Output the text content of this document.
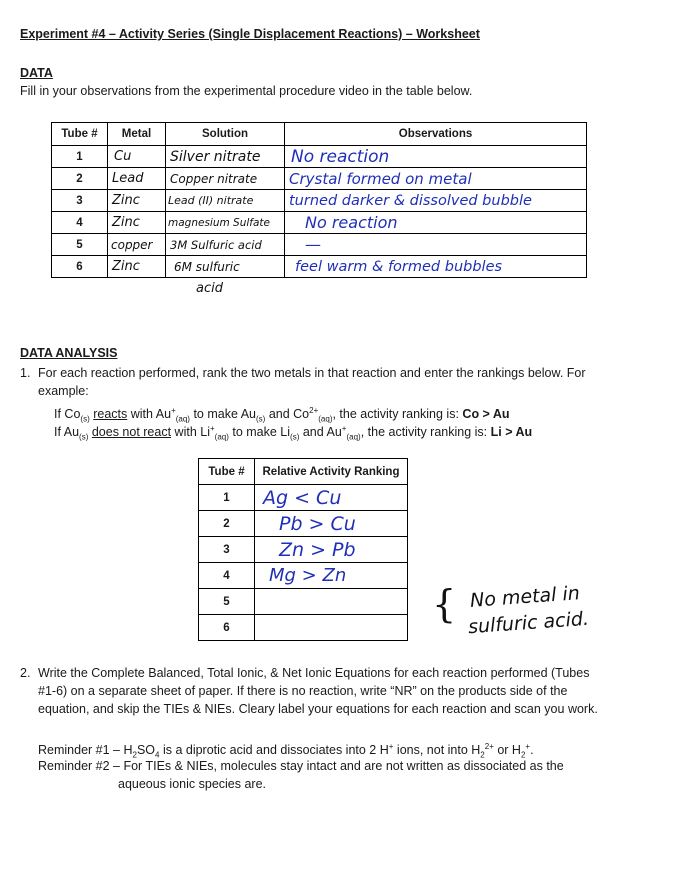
Experiment #4 – Activity Series (Single Displacement Reactions) – Worksheet
DATA
Fill in your observations from the experimental procedure video in the table below.
Tube #	Metal	Solution	Observations
1	Cu	Silver nitrate	No reaction
2	Lead	Copper nitrate	Crystal formed on metal
3	Zinc	Lead (II) nitrate	turned darker & dissolved bubble
4	Zinc	magnesium Sulfate	No reaction
5	copper	3M Sulfuric acid	—
6	Zinc	6M sulfuric	feel warm & formed bubbles
acid
DATA ANALYSIS
1. For each reaction performed, rank the two metals in that reaction and enter the rankings below. For
example:
If $Co_{(s)}$ reacts with $Au^+_{(aq)}$ to make $Au_{(s)}$ and $Co^{2+}_{(aq)}$, the activity ranking is: Co > Au
If $Au_{(s)}$ does not react with $Li^+_{(aq)}$ to make $Li_{(s)}$ and $Au^+_{(aq)}$, the activity ranking is: Li > Au
Tube #	Relative Activity Ranking
1	Ag < Cu
2	Pb > Cu
3	Zn > Pb
4	Mg > Zn
5	
6	
{ No metal in
sulfuric acid.
2. Write the Complete Balanced, Total Ionic, & Net Ionic Equations for each reaction performed (Tubes
#1-6) on a separate sheet of paper. If there is no reaction, write “NR” on the products side of the
equation, and skip the TIEs & NIEs. Cleary label your equations for each reaction and scan you work.
Reminder #1 – $H_2SO_4$ is a diprotic acid and dissociates into 2 H+ ions, not into $H_2^{2+}$ or $H_2^+$.
Reminder #2 – For TIEs & NIEs, molecules stay intact and are not written as dissociated as the
aqueous ionic species are.
